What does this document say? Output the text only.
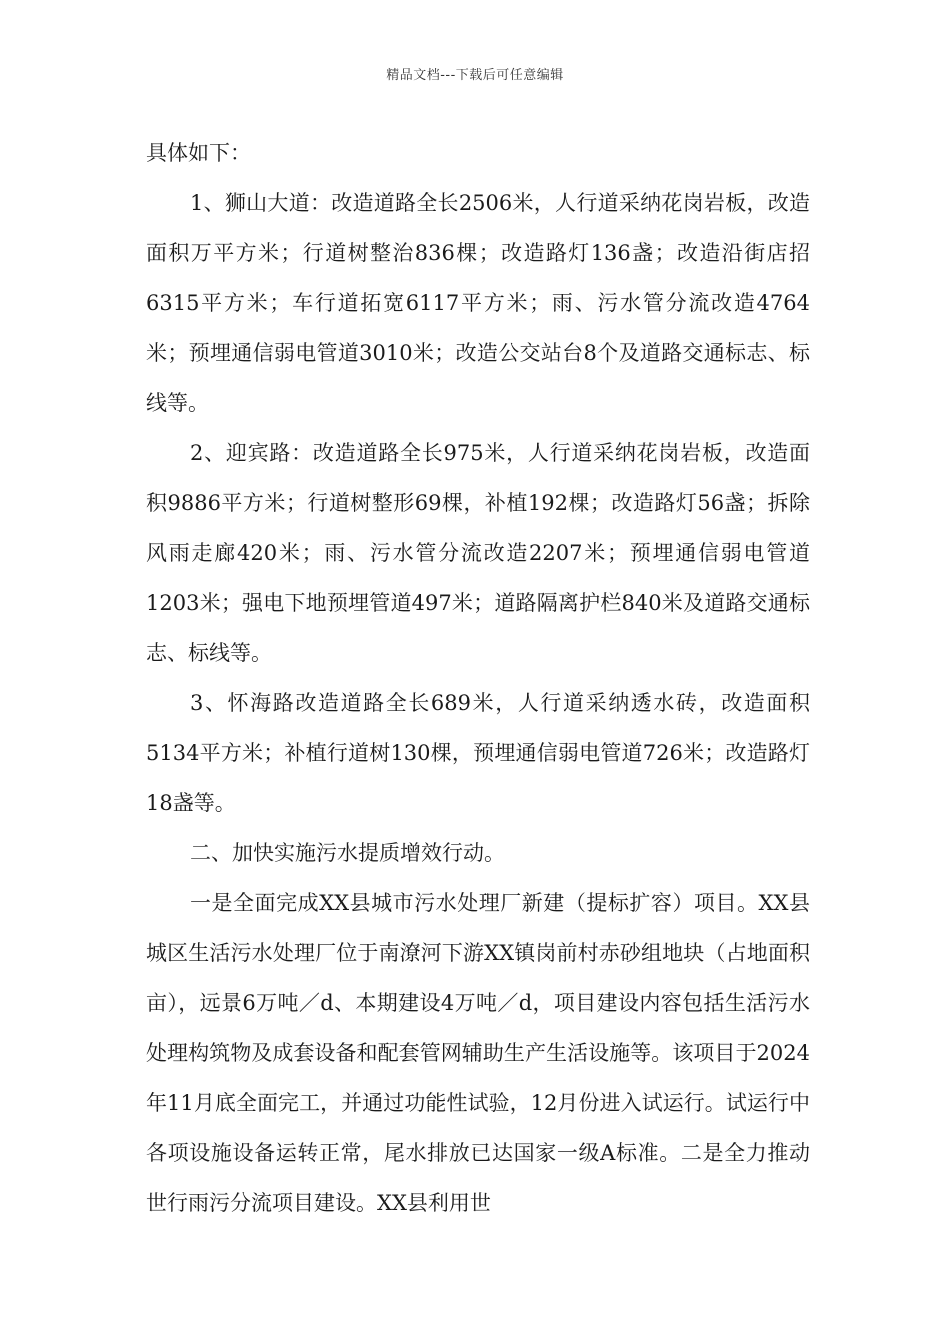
精品文档---下载后可任意编辑

具体如下：

1、狮山大道：改造道路全长2506米，人行道采纳花岗岩板，改造面积万平方米；行道树整治836棵；改造路灯136盏；改造沿街店招6315平方米；车行道拓宽6117平方米；雨、污水管分流改造4764米；预埋通信弱电管道3010米；改造公交站台8个及道路交通标志、标线等。

2、迎宾路：改造道路全长975米，人行道采纳花岗岩板，改造面积9886平方米；行道树整形69棵，补植192棵；改造路灯56盏；拆除风雨走廊420米；雨、污水管分流改造2207米；预埋通信弱电管道1203米；强电下地预埋管道497米；道路隔离护栏840米及道路交通标志、标线等。

3、怀海路改造道路全长689米，人行道采纳透水砖，改造面积5134平方米；补植行道树130棵，预埋通信弱电管道726米；改造路灯18盏等。

二、加快实施污水提质增效行动。

一是全面完成XX县城市污水处理厂新建（提标扩容）项目。XX县城区生活污水处理厂位于南潦河下游XX镇岗前村赤砂组地块（占地面积亩），远景6万吨／d、本期建设4万吨／d，项目建设内容包括生活污水处理构筑物及成套设备和配套管网辅助生产生活设施等。该项目于2024年11月底全面完工，并通过功能性试验，12月份进入试运行。试运行中各项设施设备运转正常，尾水排放已达国家一级A标准。二是全力推动世行雨污分流项目建设。XX县利用世
